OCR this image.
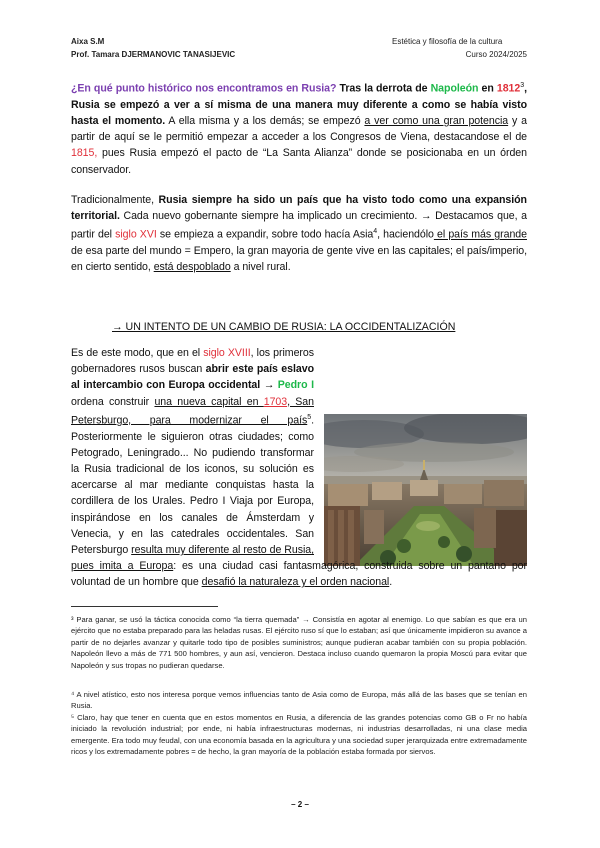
Aixa S.M
Prof. Tamara DJERMANOVIC TANASIJEVIC
Estética y filosofía de la cultura
Curso 2024/2025
¿En qué punto histórico nos encontramos en Rusia? Tras la derrota de Napoleón en 1812$^3$, Rusia se empezó a ver a sí misma de una manera muy diferente a como se había visto hasta el momento. A ella misma y a los demás; se empezó a ver como una gran potencia y a partir de aquí se le permitió empezar a acceder a los Congresos de Viena, destacandose el de 1815, pues Rusia empezó el pacto de “La Santa Alianza” donde se posicionaba en un órden conservador.
Tradicionalmente, Rusia siempre ha sido un país que ha visto todo como una expansión territorial. Cada nuevo gobernante siempre ha implicado un crecimiento. → Destacamos que, a partir del siglo XVI se empieza a expandir, sobre todo hacía Asia$^4$, haciendólo el país más grande de esa parte del mundo = Empero, la gran mayoria de gente vive en las capitales; el país/imperio, en cierto sentido, está despoblado a nivel rural.
→ UN INTENTO DE UN CAMBIO DE RUSIA: LA OCCIDENTALIZACIÓN
Es de este modo, que en el siglo XVIII, los primeros gobernadores rusos buscan abrir este país eslavo al intercambio con Europa occidental → Pedro I ordena construir una nueva capital en 1703, San Petersburgo, para modernizar el país$^5$. Posteriormente le siguieron otras ciudades; como Petogrado, Leningrado... No pudiendo transformar la Rusia tradicional de los iconos, su solución es acercarse al mar mediante conquistas hasta la cordillera de los Urales. Pedro I Viaja por Europa, inspirándose en los canales de Ámsterdam y Venecia, y en las catedrales occidentales. San Petersburgo resulta muy diferente al resto de Rusia, pues imita a Europa: es una ciudad casi fantasmagórica, construida sobre un pantano por voluntad de un hombre que desafió la naturaleza y el orden nacional.
³ Para ganar, se usó la táctica conocida como “la tierra quemada” → Consistía en agotar al enemigo. Lo que sabían es que era un ejército que no estaba preparado para las heladas rusas. El ejército ruso sí que lo estaban; así que únicamente impidieron su avance a partir de no dejarles avanzar y quitarle todo tipo de posibles suministros; aunque pudieran acabar también con su propia población. Napoleón llevo a más de 771 500 hombres, y aun así, vencieron. Destaca incluso cuando quemaron la propia Moscú para evitar que Napoleón y sus tropas no pudieran quedarse.
⁴ A nivel atístico, esto nos interesa porque vemos influencias tanto de Asia como de Europa, más allá de las bases que se tenían en Rusia.
⁵ Claro, hay que tener en cuenta que en estos momentos en Rusia, a diferencia de las grandes potencias como GB o Fr no había iniciado la revolución industrial; por ende, ni había infraestructuras modernas, ni industrias desarrolladas, ni una clase media emergente. Era todo muy feudal, con una economía basada en la agricultura y una sociedad super jerarquizada entre extremadamente ricos y los extremadamente pobres = de hecho, la gran mayoría de la población estaba formada por siervos.
– 2 –
